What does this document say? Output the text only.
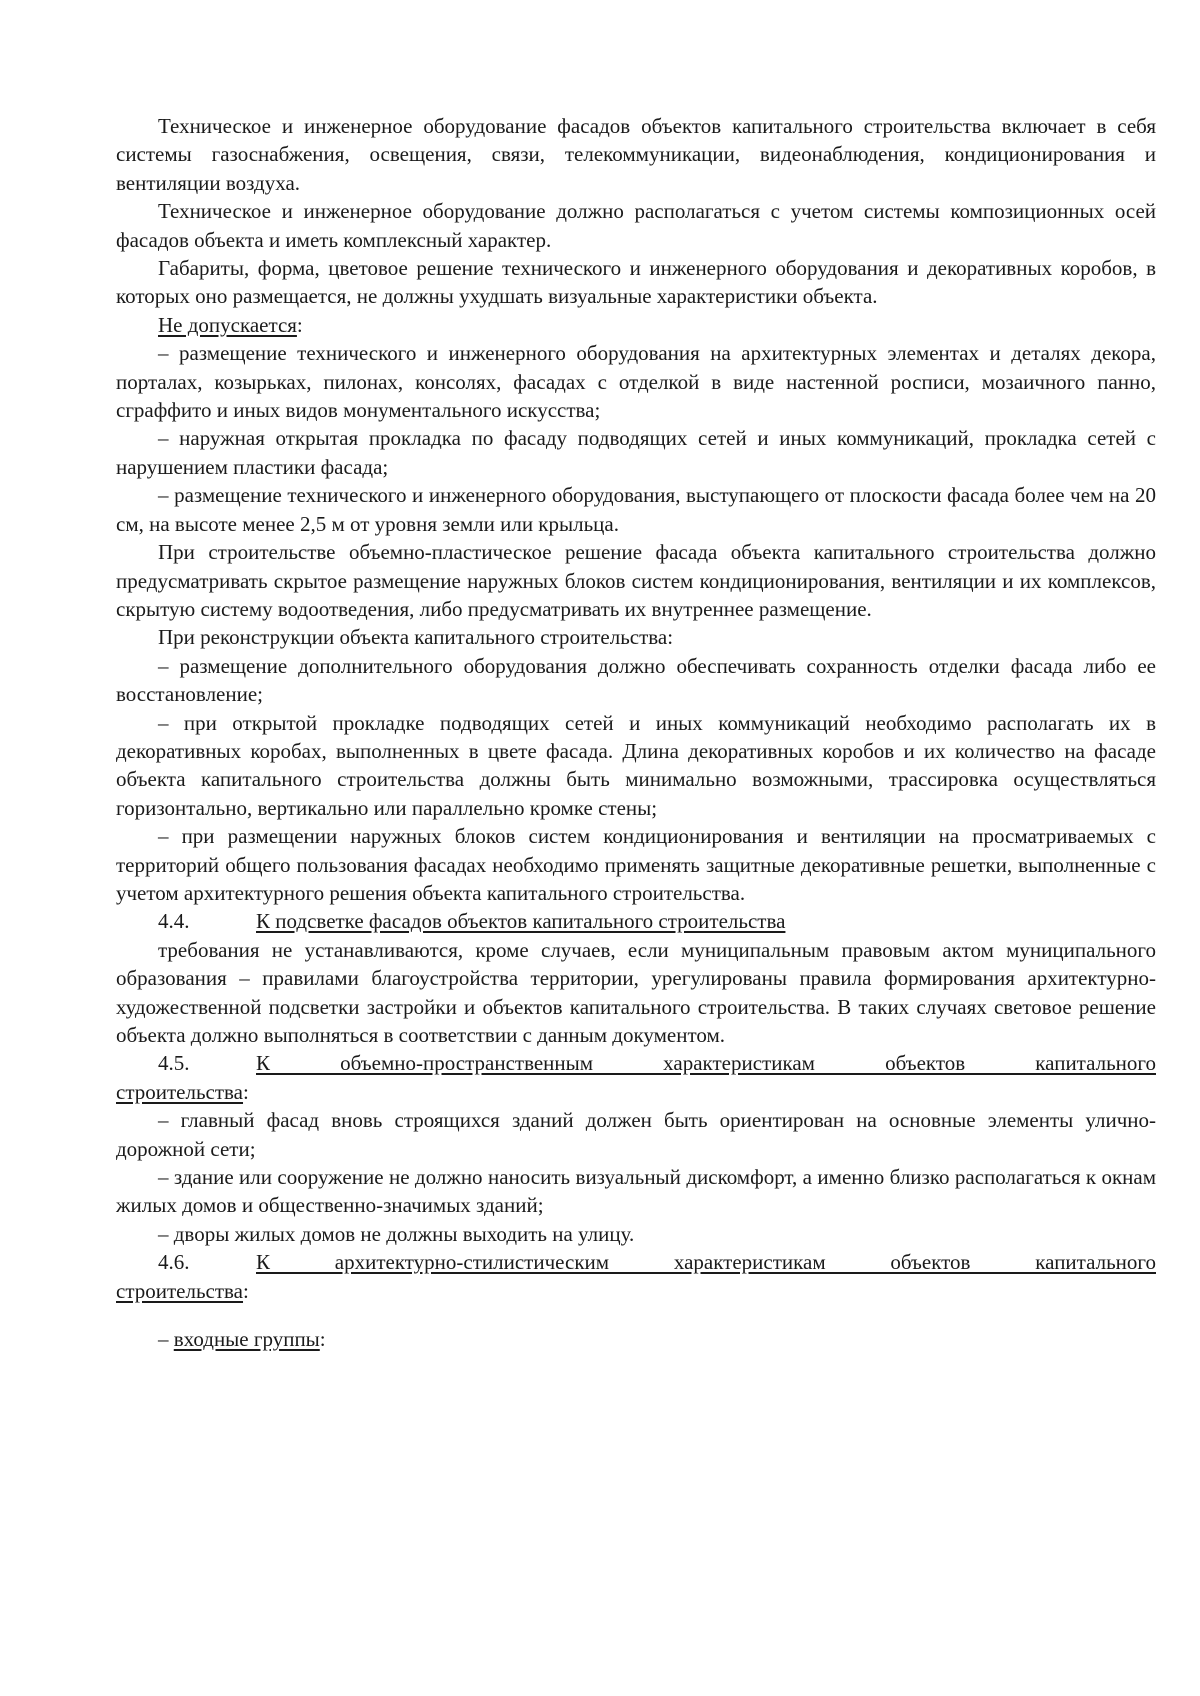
Техническое и инженерное оборудование фасадов объектов капитального строительства включает в себя системы газоснабжения, освещения, связи, телекоммуникации, видеонаблюдения, кондиционирования и вентиляции воздуха.

Техническое и инженерное оборудование должно располагаться с учетом системы композиционных осей фасадов объекта и иметь комплексный характер.

Габариты, форма, цветовое решение технического и инженерного оборудования и декоративных коробов, в которых оно размещается, не должны ухудшать визуальные характеристики объекта.

Не допускается:

– размещение технического и инженерного оборудования на архитектурных элементах и деталях декора, порталах, козырьках, пилонах, консолях, фасадах с отделкой в виде настенной росписи, мозаичного панно, сграффито и иных видов монументального искусства;

– наружная открытая прокладка по фасаду подводящих сетей и иных коммуникаций, прокладка сетей с нарушением пластики фасада;

– размещение технического и инженерного оборудования, выступающего от плоскости фасада более чем на 20 см, на высоте менее 2,5 м от уровня земли или крыльца.

При строительстве объемно-пластическое решение фасада объекта капитального строительства должно предусматривать скрытое размещение наружных блоков систем кондиционирования, вентиляции и их комплексов, скрытую систему водоотведения, либо предусматривать их внутреннее размещение.

При реконструкции объекта капитального строительства:

– размещение дополнительного оборудования должно обеспечивать сохранность отделки фасада либо ее восстановление;

– при открытой прокладке подводящих сетей и иных коммуникаций необходимо располагать их в декоративных коробах, выполненных в цвете фасада. Длина декоративных коробов и их количество на фасаде объекта капитального строительства должны быть минимально возможными, трассировка осуществляться горизонтально, вертикально или параллельно кромке стены;

– при размещении наружных блоков систем кондиционирования и вентиляции на просматриваемых с территорий общего пользования фасадах необходимо применять защитные декоративные решетки, выполненные с учетом архитектурного решения объекта капитального строительства.

4.4.	К подсветке фасадов объектов капитального строительства

требования не устанавливаются, кроме случаев, если муниципальным правовым актом муниципального образования – правилами благоустройства территории, урегулированы правила формирования архитектурно-художественной подсветки застройки и объектов капитального строительства. В таких случаях световое решение объекта должно выполняться в соответствии с данным документом.

4.5.	К объемно-пространственным характеристикам объектов капитального

строительства:

– главный фасад вновь строящихся зданий должен быть ориентирован на основные элементы улично-дорожной сети;

– здание или сооружение не должно наносить визуальный дискомфорт, а именно близко располагаться к окнам жилых домов и общественно-значимых зданий;

– дворы жилых домов не должны выходить на улицу.

4.6.	К архитектурно-стилистическим характеристикам объектов капитального

строительства:

– входные группы:
